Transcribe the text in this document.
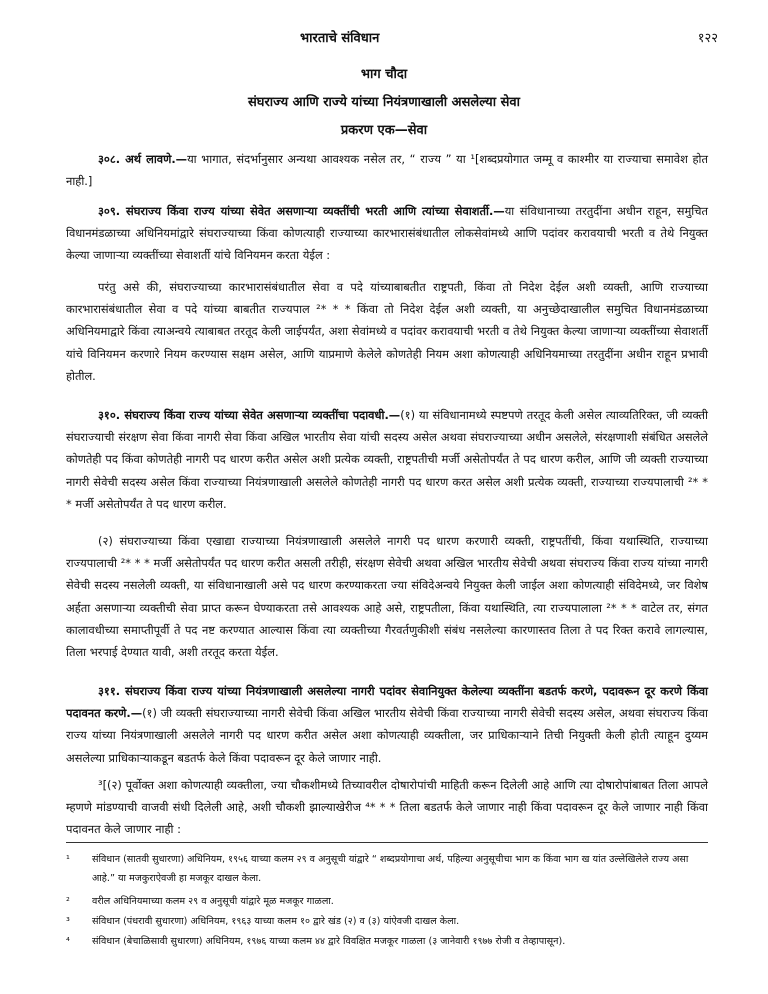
भारताचे संविधान	१२२
भाग चौदा
संघराज्य आणि राज्ये यांच्या नियंत्रणाखाली असलेल्या सेवा
प्रकरण एक—सेवा
३०८. अर्थ लावणे.—या भागात, संदर्भानुसार अन्यथा आवश्यक नसेल तर, “ राज्य ” या ¹[शब्दप्रयोगात जम्मू व काश्मीर या राज्याचा समावेश होत नाही.]
३०९. संघराज्य किंवा राज्य यांच्या सेवेत असणाऱ्या व्यक्तींची भरती आणि त्यांच्या सेवाशर्ती.—या संविधानाच्या तरतुदींना अधीन राहून, समुचित विधानमंडळाच्या अधिनियमांद्वारे संघराज्याच्या किंवा कोणत्याही राज्याच्या कारभारासंबंधातील लोकसेवांमध्ये आणि पदांवर करावयाची भरती व तेथे नियुक्त केल्या जाणाऱ्या व्यक्तींच्या सेवाशर्ती यांचे विनियमन करता येईल :
परंतु असे की, संघराज्याच्या कारभारासंबंधातील सेवा व पदे यांच्याबाबतीत राष्ट्रपती, किंवा तो निदेश देईल अशी व्यक्ती, आणि राज्याच्या कारभारासंबंधातील सेवा व पदे यांच्या बाबतीत राज्यपाल ²* * * किंवा तो निदेश देईल अशी व्यक्ती, या अनुच्छेदाखालील समुचित विधानमंडळाच्या अधिनियमाद्वारे किंवा त्याअन्वये त्याबाबत तरतूद केली जाईपर्यंत, अशा सेवांमध्ये व पदांवर करावयाची भरती व तेथे नियुक्त केल्या जाणाऱ्या व्यक्तींच्या सेवाशर्ती यांचे विनियमन करणारे नियम करण्यास सक्षम असेल, आणि याप्रमाणे केलेले कोणतेही नियम अशा कोणत्याही अधिनियमाच्या तरतुदींना अधीन राहून प्रभावी होतील.
३१०. संघराज्य किंवा राज्य यांच्या सेवेत असणाऱ्या व्यक्तींचा पदावधी.—(१) या संविधानामध्ये स्पष्टपणे तरतूद केली असेल त्याव्यतिरिक्त, जी व्यक्ती संघराज्याची संरक्षण सेवा किंवा नागरी सेवा किंवा अखिल भारतीय सेवा यांची सदस्य असेल अथवा संघराज्याच्या अधीन असलेले, संरक्षणाशी संबंधित असलेले कोणतेही पद किंवा कोणतेही नागरी पद धारण करीत असेल अशी प्रत्येक व्यक्ती, राष्ट्रपतीची मर्जी असेतोपर्यंत ते पद धारण करील, आणि जी व्यक्ती राज्याच्या नागरी सेवेची सदस्य असेल किंवा राज्याच्या नियंत्रणाखाली असलेले कोणतेही नागरी पद धारण करत असेल अशी प्रत्येक व्यक्ती, राज्याच्या राज्यपालाची ²* * * मर्जी असेतोपर्यंत ते पद धारण करील.
(२) संघराज्याच्या किंवा एखाद्या राज्याच्या नियंत्रणाखाली असलेले नागरी पद धारण करणारी व्यक्ती, राष्ट्रपतींची, किंवा यथास्थिति, राज्याच्या राज्यपालाची ²* * * मर्जी असेतोपर्यंत पद धारण करीत असली तरीही, संरक्षण सेवेची अथवा अखिल भारतीय सेवेची अथवा संघराज्य किंवा राज्य यांच्या नागरी सेवेची सदस्य नसलेली व्यक्ती, या संविधानाखाली असे पद धारण करण्याकरता ज्या संविदेअन्वये नियुक्त केली जाईल अशा कोणत्याही संविदेमध्ये, जर विशेष अर्हता असणाऱ्या व्यक्तीची सेवा प्राप्त करून घेण्याकरता तसे आवश्यक आहे असे, राष्ट्रपतीला, किंवा यथास्थिति, त्या राज्यपालाला ²* * * वाटेल तर, संगत कालावधीच्या समाप्तीपूर्वी ते पद नष्ट करण्यात आल्यास किंवा त्या व्यक्तीच्या गैरवर्तणुकीशी संबंध नसलेल्या कारणास्तव तिला ते पद रिक्त करावे लागल्यास, तिला भरपाई देण्यात यावी, अशी तरतूद करता येईल.
३११. संघराज्य किंवा राज्य यांच्या नियंत्रणाखाली असलेल्या नागरी पदांवर सेवानियुक्त केलेल्या व्यक्तींना बडतर्फ करणे, पदावरून दूर करणे किंवा पदावनत करणे.—(१) जी व्यक्ती संघराज्याच्या नागरी सेवेची किंवा अखिल भारतीय सेवेची किंवा राज्याच्या नागरी सेवेची सदस्य असेल, अथवा संघराज्य किंवा राज्य यांच्या नियंत्रणाखाली असलेले नागरी पद धारण करीत असेल अशा कोणत्याही व्यक्तीला, जर प्राधिकाऱ्याने तिची नियुक्ती केली होती त्याहून दुय्यम असलेल्या प्राधिकाऱ्याकडून बडतर्फ केले किंवा पदावरून दूर केले जाणार नाही.
³[(२) पूर्वोक्त अशा कोणत्याही व्यक्तीला, ज्या चौकशीमध्ये तिच्यावरील दोषारोपांची माहिती करून दिलेली आहे आणि त्या दोषारोपांबाबत तिला आपले म्हणणे मांडण्याची वाजवी संधी दिलेली आहे, अशी चौकशी झाल्याखेरीज ⁴* * * तिला बडतर्फ केले जाणार नाही किंवा पदावरून दूर केले जाणार नाही किंवा पदावनत केले जाणार नाही :
¹	संविधान (सातवी सुधारणा) अधिनियम, १९५६ याच्या कलम २९ व अनुसूची यांद्वारे “ शब्दप्रयोगाचा अर्थ, पहिल्या अनुसूचीचा भाग क किंवा भाग ख यांत उल्लेखिलेले राज्य असा आहे.” या मजकुराऐवजी हा मजकूर दाखल केला.
²	वरील अधिनियमाच्या कलम २९ व अनुसूची यांद्वारे मूळ मजकूर गाळला.
³	संविधान (पंधरावी सुधारणा) अधिनियम, १९६३ याच्या कलम १० द्वारे खंड (२) व (३) यांऐवजी दाखल केला.
⁴	संविधान (बेचाळिसावी सुधारणा) अधिनियम, १९७६ याच्या कलम ४४ द्वारे विवक्षित मजकूर गाळला (३ जानेवारी १९७७ रोजी व तेव्हापासून).
